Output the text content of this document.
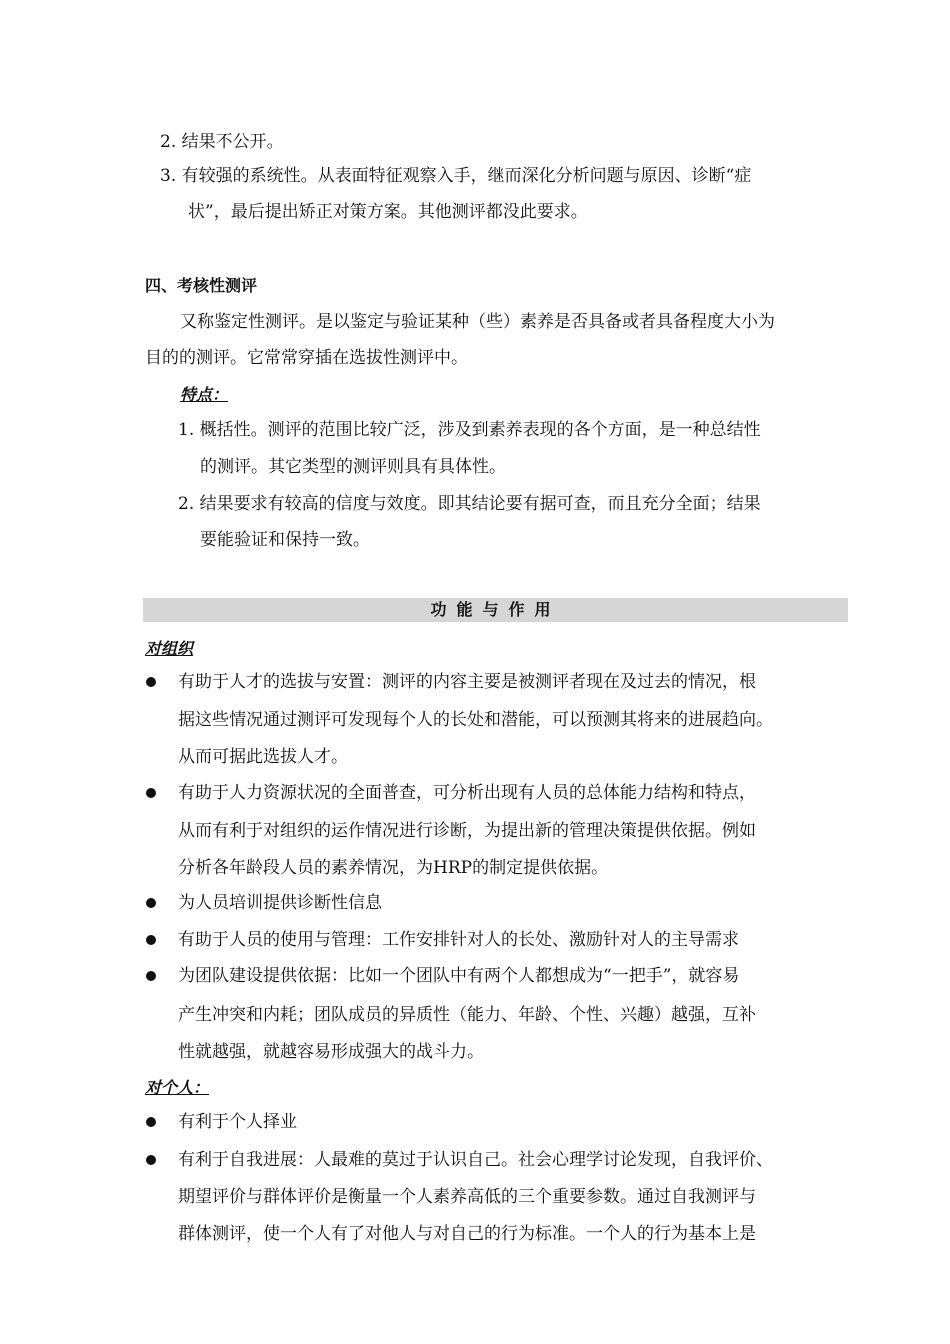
2. 结果不公开。
3. 有较强的系统性。从表面特征观察入手，继而深化分析问题与原因、诊断“症
状”，最后提出矫正对策方案。其他测评都没此要求。
四、考核性测评
又称鉴定性测评。是以鉴定与验证某种（些）素养是否具备或者具备程度大小为
目的的测评。它常常穿插在选拔性测评中。
特点：
1. 概括性。测评的范围比较广泛，涉及到素养表现的各个方面，是一种总结性
的测评。其它类型的测评则具有具体性。
2. 结果要求有较高的信度与效度。即其结论要有据可查，而且充分全面；结果
要能验证和保持一致。
功能与作用
对组织
有助于人才的选拔与安置：测评的内容主要是被测评者现在及过去的情况，根
据这些情况通过测评可发现每个人的长处和潜能，可以预测其将来的进展趋向。
从而可据此选拔人才。
有助于人力资源状况的全面普查，可分析出现有人员的总体能力结构和特点，
从而有利于对组织的运作情况进行诊断，为提出新的管理决策提供依据。例如
分析各年龄段人员的素养情况，为HRP的制定提供依据。
为人员培训提供诊断性信息
有助于人员的使用与管理：工作安排针对人的长处、激励针对人的主导需求
为团队建设提供依据：比如一个团队中有两个人都想成为“一把手”，就容易
产生冲突和内耗；团队成员的异质性（能力、年龄、个性、兴趣）越强，互补
性就越强，就越容易形成强大的战斗力。
对个人：
有利于个人择业
有利于自我进展：人最难的莫过于认识自己。社会心理学讨论发现，自我评价、
期望评价与群体评价是衡量一个人素养高低的三个重要参数。通过自我测评与
群体测评，使一个人有了对他人与对自己的行为标准。一个人的行为基本上是
